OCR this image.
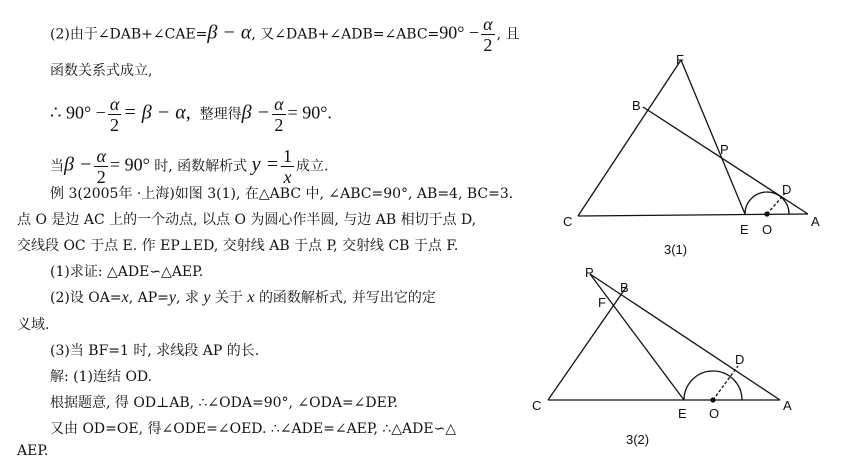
(2)由于∠DAB+∠CAE=β − α, 又∠DAB+∠ADB=∠ABC=90° − $\frac{\alpha}{2}$ , 且
函数关系式成立,
∴ $90^\circ - \frac{\alpha}{2} = \beta - \alpha$, 整理得$\beta - \frac{\alpha}{2} = 90^\circ$.
当$\beta - \frac{\alpha}{2} = 90^\circ$ 时, 函数解析式 $y = \frac{1}{x}$ 成立.
例 3(2005年 ·上海)如图 3(1), 在△ABC 中, ∠ABC=90°, AB=4, BC=3.
点 O 是边 AC 上的一个动点, 以点 O 为圆心作半圆, 与边 AB 相切于点 D,
交线段 OC 于点 E. 作 EP⊥ED, 交射线 AB 于点 P, 交射线 CB 于点 F.
(1)求证: △ADE∽△AEP.
(2)设 OA=x, AP=y, 求 y 关于 x 的函数解析式, 并写出它的定
义域.
(3)当 BF=1 时, 求线段 AP 的长.
解: (1)连结 OD.
根据题意, 得 OD⊥AB, ∴∠ODA=90°, ∠ODA=∠DEP.
又由 OD=OE, 得∠ODE=∠OED. ∴∠ADE=∠AEP, ∴△ADE∽△
AEP.
F
B
P
C
E O
D
A
3(1)
P
F
B
D
C
E O
A
3(2)
